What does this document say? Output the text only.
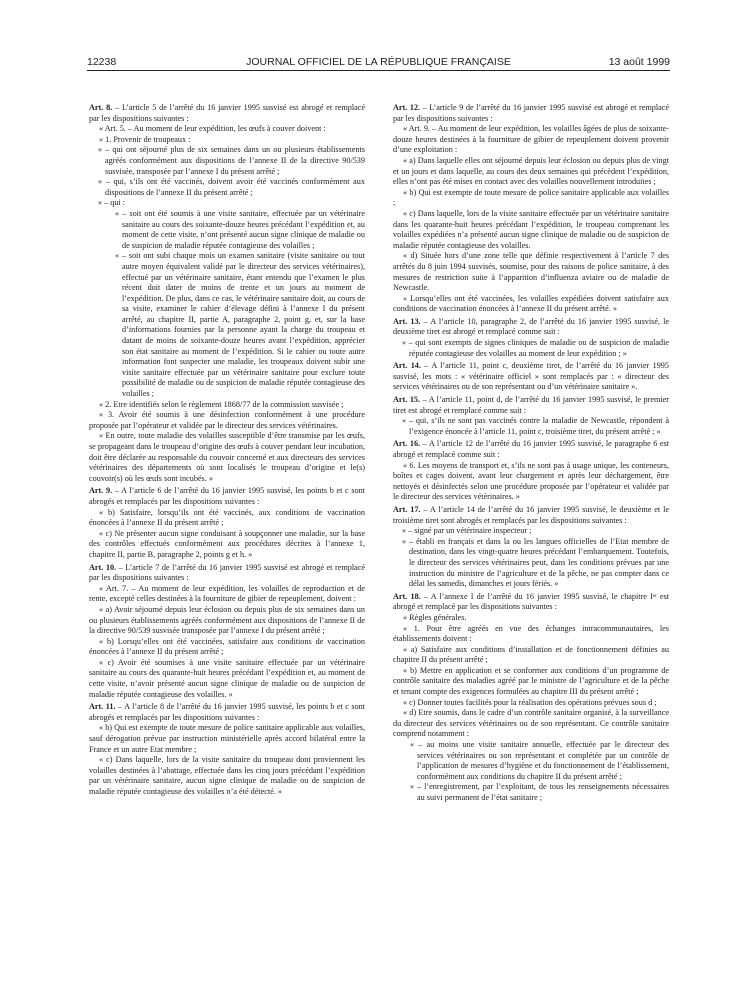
12238	JOURNAL OFFICIEL DE LA RÉPUBLIQUE FRANÇAISE	13 août 1999

Art. 8. – L’article 5 de l’arrêté du 16 janvier 1995 susvisé est abrogé et remplacé par les dispositions suivantes :

« Art. 5. – Au moment de leur expédition, les œufs à couver doivent :

« 1. Provenir de troupeaux :

« – qui ont séjourné plus de six semaines dans un ou plusieurs établissements agréés conformément aux dispositions de l’annexe II de la directive 90/539 susvisée, transposée par l’annexe I du présent arrêté ;

« – qui, s’ils ont été vaccinés, doivent avoir été vaccinés conformément aux dispositions de l’annexe II du présent arrêté ;

« – qui :

« – soit ont été soumis à une visite sanitaire, effectuée par un vétérinaire sanitaire au cours des soixante-douze heures précédant l’expédition et, au moment de cette visite, n’ont présenté aucun signe clinique de maladie ou de suspicion de maladie réputée contagieuse des volailles ;

« – soit ont subi chaque mois un examen sanitaire (visite sanitaire ou tout autre moyen équivalent validé par le directeur des services vétérinaires), effectué par un vétérinaire sanitaire, étant entendu que l’examen le plus récent doit dater de moins de trente et un jours au moment de l’expédition. De plus, dans ce cas, le vétérinaire sanitaire doit, au cours de sa visite, examiner le cahier d’élevage défini à l’annexe I du présent arrêté, au chapitre II, partie A, paragraphe 2, point g, et, sur la base d’informations fournies par la personne ayant la charge du troupeau et datant de moins de soixante-douze heures avant l’expédition, apprécier son état sanitaire au moment de l’expédition. Si le cahier ou toute autre information font suspecter une maladie, les troupeaux doivent subir une visite sanitaire effectuée par un vétérinaire sanitaire pour exclure toute possibilité de maladie ou de suspicion de maladie réputée contagieuse des volailles ;

« 2. Etre identifiés selon le règlement 1868/77 de la commission susvisée ;

« 3. Avoir été soumis à une désinfection conformément à une procédure proposée par l’opérateur et validée par le directeur des services vétérinaires.

« En outre, toute maladie des volailles susceptible d’être transmise par les œufs, se propageant dans le troupeau d’origine des œufs à couver pendant leur incubation, doit être déclarée au responsable du couvoir concerné et aux directeurs des services vétérinaires des départements où sont localisés le troupeau d’origine et le(s) couvoir(s) où les œufs sont incubés. »

Art. 9. – A l’article 6 de l’arrêté du 16 janvier 1995 susvisé, les points b et c sont abrogés et remplacés par les dispositions suivantes :

« b) Satisfaire, lorsqu’ils ont été vaccinés, aux conditions de vaccination énoncées à l’annexe II du présent arrêté ;

« c) Ne présenter aucun signe conduisant à soupçonner une maladie, sur la base des contrôles effectués conformément aux procédures décrites à l’annexe 1, chapitre II, partie B, paragraphe 2, points g et h. »

Art. 10. – L’article 7 de l’arrêté du 16 janvier 1995 susvisé est abrogé et remplacé par les dispositions suivantes :

« Art. 7. – Au moment de leur expédition, les volailles de reproduction et de rente, excepté celles destinées à la fourniture de gibier de repeuplement, doivent :

« a) Avoir séjourné depuis leur éclosion ou depuis plus de six semaines dans un ou plusieurs établissements agréés conformément aux dispositions de l’annexe II de la directive 90/539 susvisée transposée par l’annexe I du présent arrêté ;

« b) Lorsqu’elles ont été vaccinées, satisfaire aux conditions de vaccination énoncées à l’annexe II du présent arrêté ;

« c) Avoir été soumises à une visite sanitaire effectuée par un vétérinaire sanitaire au cours des quarante-huit heures précédant l’expédition et, au moment de cette visite, n’avoir présenté aucun signe clinique de maladie ou de suspicion de maladie réputée contagieuse des volailles. »

Art. 11. – A l’article 8 de l’arrêté du 16 janvier 1995 susvisé, les points b et c sont abrogés et remplacés par les dispositions suivantes :

« b) Qui est exempte de toute mesure de police sanitaire applicable aux volailles, sauf dérogation prévue par instruction ministérielle après accord bilatéral entre la France et un autre Etat membre ;

« c) Dans laquelle, lors de la visite sanitaire du troupeau dont proviennent les volailles destinées à l’abattage, effectuée dans les cinq jours précédant l’expédition par un vétérinaire sanitaire, aucun signe clinique de maladie ou de suspicion de maladie réputée contagieuse des volailles n’a été détecté. »

Art. 12. – L’article 9 de l’arrêté du 16 janvier 1995 susvisé est abrogé et remplacé par les dispositions suivantes :

« Art. 9. – Au moment de leur expédition, les volailles âgées de plus de soixante-douze heures destinées à la fourniture de gibier de repeuplement doivent provenir d’une exploitation :

« a) Dans laquelle elles ont séjourné depuis leur éclosion ou depuis plus de vingt et un jours et dans laquelle, au cours des deux semaines qui précèdent l’expédition, elles n’ont pas été mises en contact avec des volailles nouvellement introduites ;

« b) Qui est exempte de toute mesure de police sanitaire applicable aux volailles ;

« c) Dans laquelle, lors de la visite sanitaire effectuée par un vétérinaire sanitaire dans les quarante-huit heures précédant l’expédition, le troupeau comprenant les volailles expédiées n’a présenté aucun signe clinique de maladie ou de suspicion de maladie réputée contagieuse des volailles.

« d) Située hors d’une zone telle que définie respectivement à l’article 7 des arrêtés du 8 juin 1994 susvisés, soumise, pour des raisons de police sanitaire, à des mesures de restriction suite à l’apparition d’influenza aviaire ou de maladie de Newcastle.

« Lorsqu’elles ont été vaccinées, les volailles expédiées doivent satisfaire aux conditions de vaccination énoncées à l’annexe II du présent arrêté. »

Art. 13. – A l’article 10, paragraphe 2, de l’arrêté du 16 janvier 1995 susvisé, le deuxième tiret est abrogé et remplacé comme suit :

« – qui sont exempts de signes cliniques de maladie ou de suspicion de maladie réputée contagieuse des volailles au moment de leur expédition ; »

Art. 14. – A l’article 11, point c, deuxième tiret, de l’arrêté du 16 janvier 1995 susvisé, les mots : « vétérinaire officiel » sont remplacés par : « directeur des services vétérinaires ou de son représentant ou d’un vétérinaire sanitaire ».

Art. 15. – A l’article 11, point d, de l’arrêté du 16 janvier 1995 susvisé, le premier tiret est abrogé et remplacé comme suit :

« – qui, s’ils ne sont pas vaccinés contre la maladie de Newcastle, répondent à l’exigence énoncée à l’article 11, point c, troisième tiret, du présent arrêté ; »

Art. 16. – A l’article 12 de l’arrêté du 16 janvier 1995 susvisé, le paragraphe 6 est abrogé et remplacé comme suit :

« 6. Les moyens de transport et, s’ils ne sont pas à usage unique, les conteneurs, boîtes et cages doivent, avant leur chargement et après leur déchargement, être nettoyés et désinfectés selon une procédure proposée par l’opérateur et validée par le directeur des services vétérinaires. »

Art. 17. – A l’article 14 de l’arrêté du 16 janvier 1995 susvisé, le deuxième et le troisième tiret sont abrogés et remplacés par les dispositions suivantes :

« – signé par un vétérinaire inspecteur ;

« – établi en français et dans la ou les langues officielles de l’Etat membre de destination, dans les vingt-quatre heures précédant l’embarquement. Toutefois, le directeur des services vétérinaires peut, dans les conditions prévues par une instruction du ministre de l’agriculture et de la pêche, ne pas compter dans ce délai les samedis, dimanches et jours fériés. »

Art. 18. – A l’annexe I de l’arrêté du 16 janvier 1995 susvisé, le chapitre Iᵉʳ est abrogé et remplacé par les dispositions suivantes :

« Règles générales.

« 1. Pour être agréés en vue des échanges intracommunautaires, les établissements doivent :

« a) Satisfaire aux conditions d’installation et de fonctionnement définies au chapitre II du présent arrêté ;

« b) Mettre en application et se conformer aux conditions d’un programme de contrôle sanitaire des maladies agréé par le ministre de l’agriculture et de la pêche et tenant compte des exigences formulées au chapitre III du présent arrêté ;

« c) Donner toutes facilités pour la réalisation des opérations prévues sous d ;

« d) Etre soumis, dans le cadre d’un contrôle sanitaire organisé, à la surveillance du directeur des services vétérinaires ou de son représentant. Ce contrôle sanitaire comprend notamment :

« – au moins une visite sanitaire annuelle, effectuée par le directeur des services vétérinaires ou son représentant et complétée par un contrôle de l’application de mesures d’hygiène et du fonctionnement de l’établissement, conformément aux conditions du chapitre II du présent arrêté ;

« – l’enregistrement, par l’exploitant, de tous les renseignements nécessaires au suivi permanent de l’état sanitaire ;
